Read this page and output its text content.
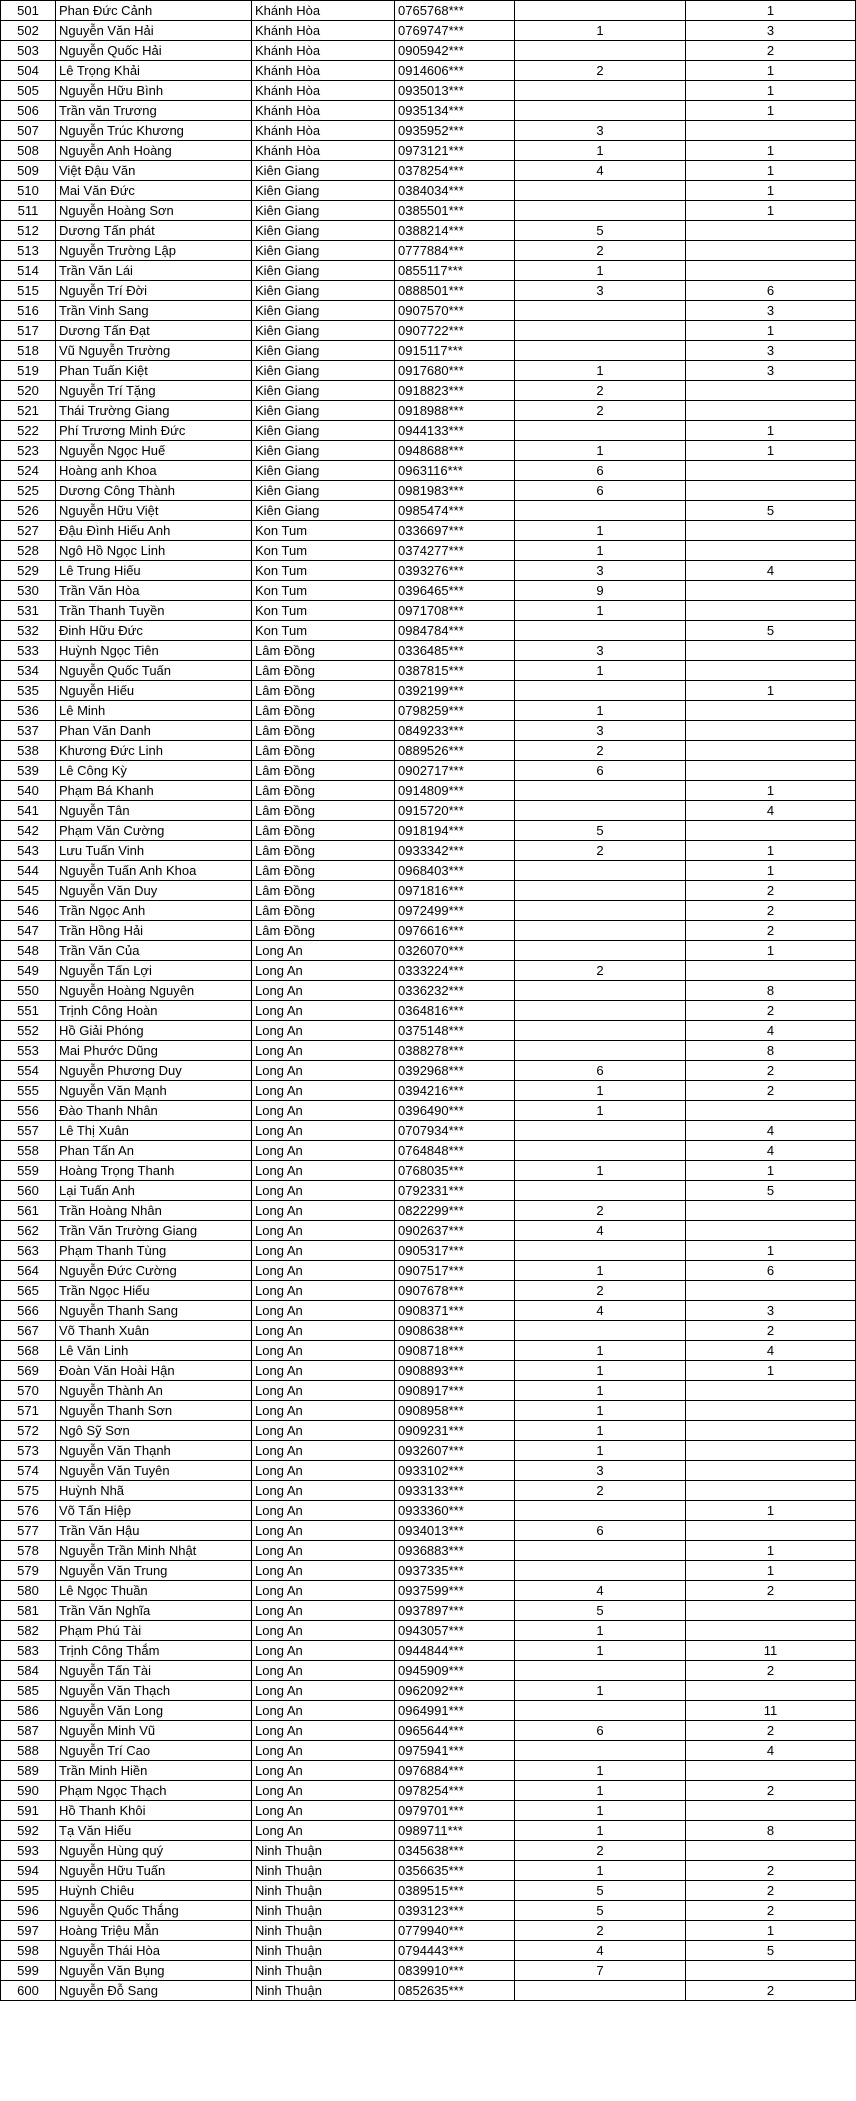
501	Phan Đức Cảnh	Khánh Hòa	0765768***		1
502	Nguyễn Văn Hải	Khánh Hòa	0769747***	1	3
503	Nguyễn Quốc Hải	Khánh Hòa	0905942***		2
504	Lê Trọng Khải	Khánh Hòa	0914606***	2	1
505	Nguyễn Hữu Bình	Khánh Hòa	0935013***		1
506	Trần văn Trương	Khánh Hòa	0935134***		1
507	Nguyễn Trúc Khương	Khánh Hòa	0935952***	3	
508	Nguyễn Anh Hoàng	Khánh Hòa	0973121***	1	1
509	Việt Đậu Văn	Kiên Giang	0378254***	4	1
510	Mai Văn Đức	Kiên Giang	0384034***		1
511	Nguyễn Hoàng Sơn	Kiên Giang	0385501***		1
512	Dương Tấn phát	Kiên Giang	0388214***	5	
513	Nguyễn Trường Lập	Kiên Giang	0777884***	2	
514	Trần Văn Lái	Kiên Giang	0855117***	1	
515	Nguyễn Trí Đời	Kiên Giang	0888501***	3	6
516	Trần Vinh Sang	Kiên Giang	0907570***		3
517	Dương Tấn Đạt	Kiên Giang	0907722***		1
518	Vũ Nguyễn Trường	Kiên Giang	0915117***		3
519	Phan Tuấn Kiệt	Kiên Giang	0917680***	1	3
520	Nguyễn Trí Tặng	Kiên Giang	0918823***	2	
521	Thái Trường Giang	Kiên Giang	0918988***	2	
522	Phí Trương Minh Đức	Kiên Giang	0944133***		1
523	Nguyễn Ngọc Huế	Kiên Giang	0948688***	1	1
524	Hoàng anh Khoa	Kiên Giang	0963116***	6	
525	Dương Công Thành	Kiên Giang	0981983***	6	
526	Nguyễn Hữu Việt	Kiên Giang	0985474***		5
527	Đậu Đình Hiếu Anh	Kon Tum	0336697***	1	
528	Ngô Hồ Ngọc Linh	Kon Tum	0374277***	1	
529	Lê Trung Hiếu	Kon Tum	0393276***	3	4
530	Trần Văn Hòa	Kon Tum	0396465***	9	
531	Trần Thanh Tuyền	Kon Tum	0971708***	1	
532	Đinh Hữu Đức	Kon Tum	0984784***		5
533	Huỳnh Ngọc Tiên	Lâm Đồng	0336485***	3	
534	Nguyễn Quốc Tuấn	Lâm Đồng	0387815***	1	
535	Nguyễn Hiếu	Lâm Đồng	0392199***		1
536	Lê Minh	Lâm Đồng	0798259***	1	
537	Phan Văn Danh	Lâm Đồng	0849233***	3	
538	Khương Đức Linh	Lâm Đồng	0889526***	2	
539	Lê Công Kỳ	Lâm Đồng	0902717***	6	
540	Phạm Bá Khanh	Lâm Đồng	0914809***		1
541	Nguyễn Tân	Lâm Đồng	0915720***		4
542	Phạm Văn Cường	Lâm Đồng	0918194***	5	
543	Lưu Tuấn Vinh	Lâm Đồng	0933342***	2	1
544	Nguyễn Tuấn Anh Khoa	Lâm Đồng	0968403***		1
545	Nguyễn Văn Duy	Lâm Đồng	0971816***		2
546	Trần Ngọc Anh	Lâm Đồng	0972499***		2
547	Trần Hồng Hải	Lâm Đồng	0976616***		2
548	Trần Văn Của	Long An	0326070***		1
549	Nguyễn Tấn Lợi	Long An	0333224***	2	
550	Nguyễn Hoàng Nguyên	Long An	0336232***		8
551	Trịnh Công Hoàn	Long An	0364816***		2
552	Hồ Giải Phóng	Long An	0375148***		4
553	Mai Phước Dũng	Long An	0388278***		8
554	Nguyễn Phương Duy	Long An	0392968***	6	2
555	Nguyễn Văn Mạnh	Long An	0394216***	1	2
556	Đào Thanh Nhân	Long An	0396490***	1	
557	Lê Thị Xuân	Long An	0707934***		4
558	Phan Tấn An	Long An	0764848***		4
559	Hoàng Trọng Thanh	Long An	0768035***	1	1
560	Lại Tuấn Anh	Long An	0792331***		5
561	Trần Hoàng Nhân	Long An	0822299***	2	
562	Trần Văn Trường Giang	Long An	0902637***	4	
563	Phạm Thanh Tùng	Long An	0905317***		1
564	Nguyễn Đức Cường	Long An	0907517***	1	6
565	Trần Ngọc Hiếu	Long An	0907678***	2	
566	Nguyễn Thanh Sang	Long An	0908371***	4	3
567	Võ Thanh Xuân	Long An	0908638***		2
568	Lê Văn Linh	Long An	0908718***	1	4
569	Đoàn Văn Hoài Hận	Long An	0908893***	1	1
570	Nguyễn Thành An	Long An	0908917***	1	
571	Nguyễn Thanh Sơn	Long An	0908958***	1	
572	Ngô Sỹ Sơn	Long An	0909231***	1	
573	Nguyễn Văn Thạnh	Long An	0932607***	1	
574	Nguyễn Văn Tuyên	Long An	0933102***	3	
575	Huỳnh Nhã	Long An	0933133***	2	
576	Võ Tấn Hiệp	Long An	0933360***		1
577	Trần Văn Hậu	Long An	0934013***	6	
578	Nguyễn Trần Minh Nhật	Long An	0936883***		1
579	Nguyễn Văn Trung	Long An	0937335***		1
580	Lê Ngọc Thuần	Long An	0937599***	4	2
581	Trần Văn Nghĩa	Long An	0937897***	5	
582	Phạm Phú Tài	Long An	0943057***	1	
583	Trịnh Công Thắm	Long An	0944844***	1	11
584	Nguyễn Tấn Tài	Long An	0945909***		2
585	Nguyễn Văn Thạch	Long An	0962092***	1	
586	Nguyễn Văn Long	Long An	0964991***		11
587	Nguyễn Minh Vũ	Long An	0965644***	6	2
588	Nguyễn Trí Cao	Long An	0975941***		4
589	Trần Minh Hiền	Long An	0976884***	1	
590	Phạm Ngọc Thạch	Long An	0978254***	1	2
591	Hồ Thanh Khôi	Long An	0979701***	1	
592	Tạ Văn Hiếu	Long An	0989711***	1	8
593	Nguyễn Hùng quý	Ninh Thuận	0345638***	2	
594	Nguyễn Hữu Tuấn	Ninh Thuận	0356635***	1	2
595	Huỳnh Chiêu	Ninh Thuận	0389515***	5	2
596	Nguyễn Quốc Thắng	Ninh Thuận	0393123***	5	2
597	Hoàng Triệu Mẫn	Ninh Thuận	0779940***	2	1
598	Nguyễn Thái Hòa	Ninh Thuận	0794443***	4	5
599	Nguyễn Văn Bụng	Ninh Thuận	0839910***	7	
600	Nguyễn Đỗ Sang	Ninh Thuận	0852635***		2
